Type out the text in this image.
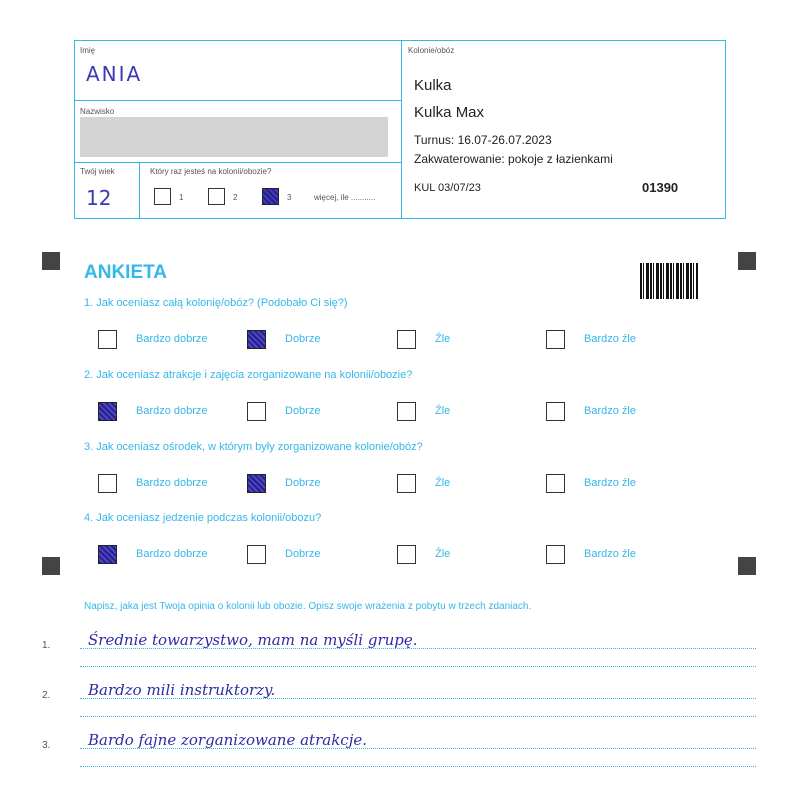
Imię
ANIA
Nazwisko
Twój wiek
12
Który raz jesteś na kolonii/obozie?
1	2	3	więcej, ile ...........
Kolonie/obóz
Kulka
Kulka Max
Turnus: 16.07-26.07.2023
Zakwaterowanie: pokoje z łazienkami
KUL 03/07/23	01390
ANKIETA
1. Jak oceniasz całą kolonię/obóz? (Podobało Ci się?)
Bardzo dobrze	Dobrze	Źle	Bardzo źle
2. Jak oceniasz atrakcje i zajęcia zorganizowane na kolonii/obozie?
Bardzo dobrze	Dobrze	Źle	Bardzo źle
3. Jak oceniasz ośrodek, w którym były zorganizowane kolonie/obóz?
Bardzo dobrze	Dobrze	Źle	Bardzo źle
4. Jak oceniasz jedzenie podczas kolonii/obozu?
Bardzo dobrze	Dobrze	Źle	Bardzo źle
Napisz, jaka jest Twoja opinia o kolonii lub obozie. Opisz swoje wrażenia z pobytu w trzech zdaniach.
1.	Średnie towarzystwo, mam na myśli grupę.
2.	Bardzo mili instruktorzy.
3.	Bardo fajne zorganizowane atrakcje.
